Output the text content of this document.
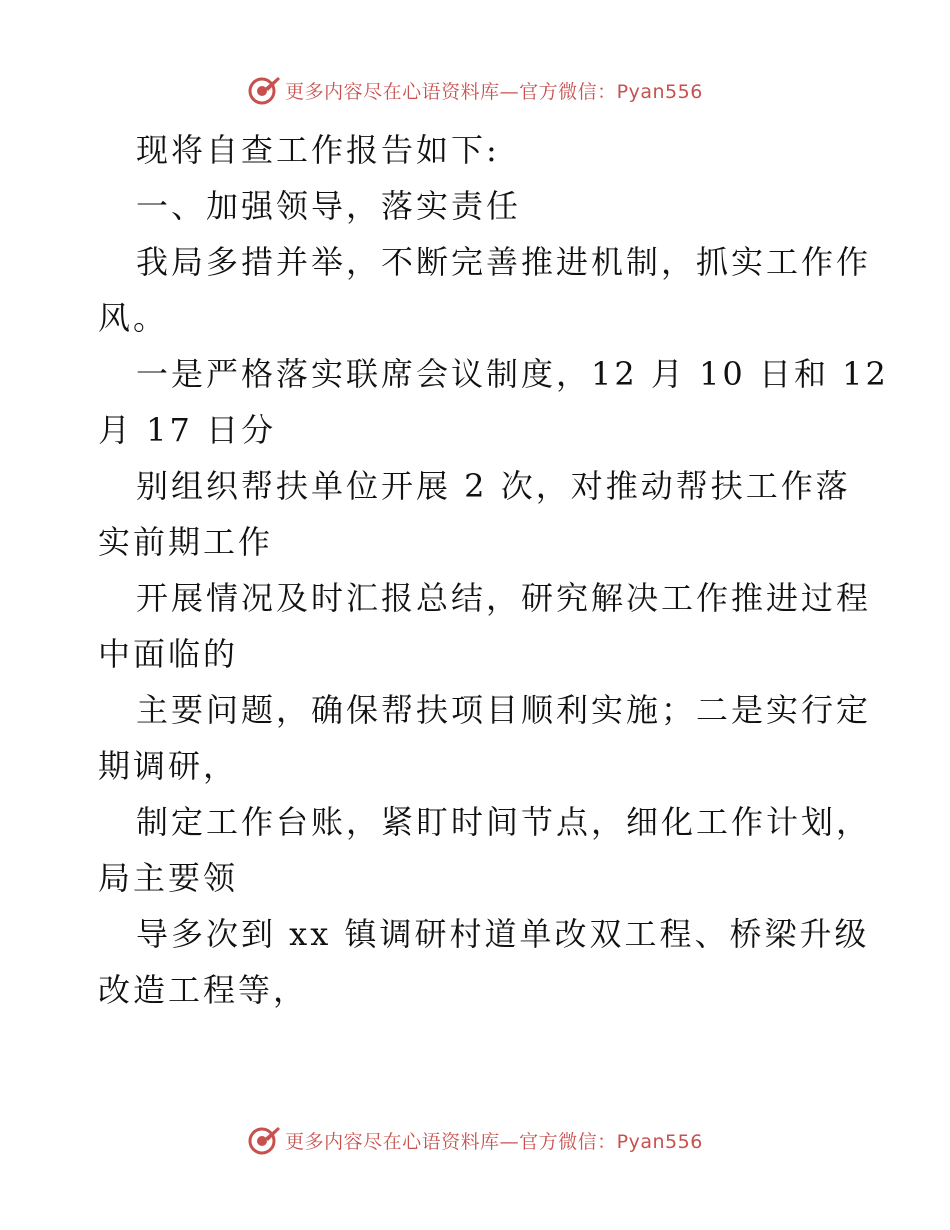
更多内容尽在心语资料库—官方微信：Pyan556
现将自查工作报告如下:
一、加强领导，落实责任
我局多措并举，不断完善推进机制，抓实工作作
风。
一是严格落实联席会议制度，12 月 10 日和 12
月 17 日分
别组织帮扶单位开展 2 次，对推动帮扶工作落
实前期工作
开展情况及时汇报总结，研究解决工作推进过程
中面临的
主要问题，确保帮扶项目顺利实施；二是实行定
期调研，
制定工作台账，紧盯时间节点，细化工作计划，
局主要领
导多次到 xx 镇调研村道单改双工程、桥梁升级
改造工程等，
更多内容尽在心语资料库—官方微信：Pyan556
